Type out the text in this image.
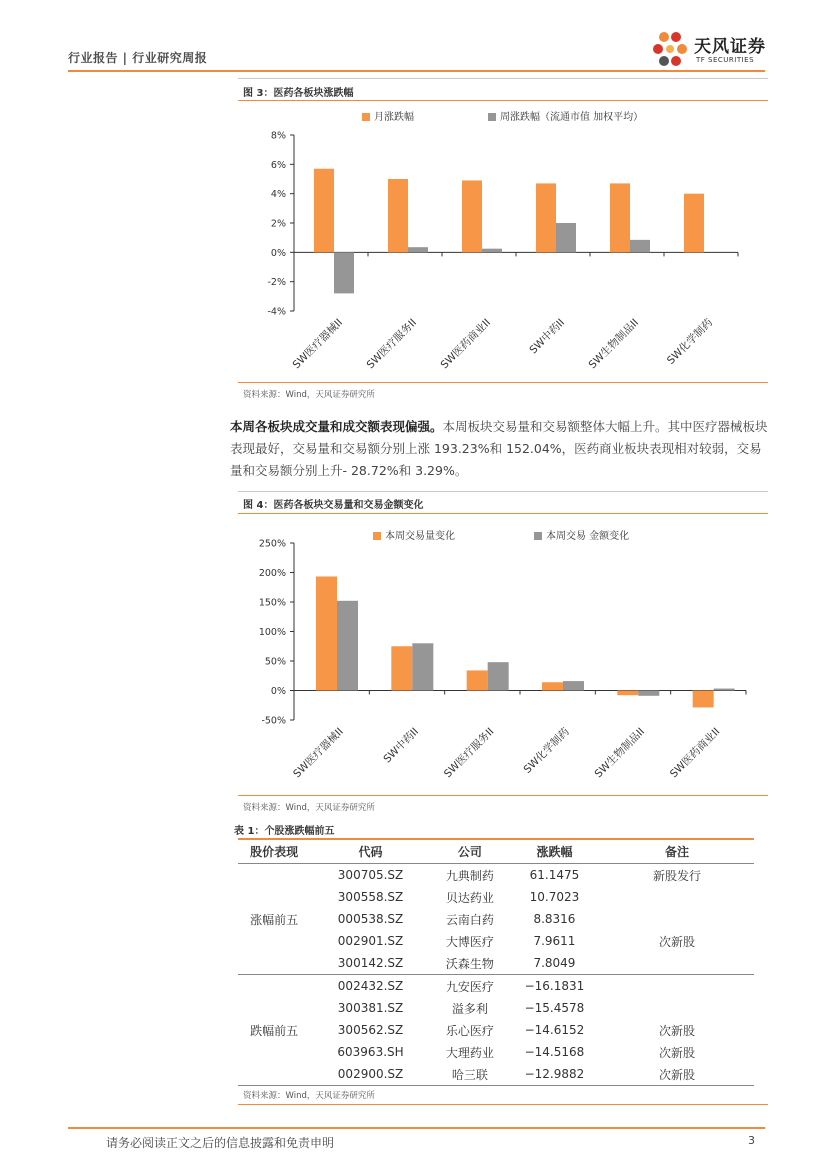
行业报告 | 行业研究周报
天风证券
TF SECURITIES
图 3：医药各板块涨跌幅
月涨跌幅	周涨跌幅（流通市值 加权平均）
8%
6%
4%
2%
0%
-2%
-4%
SW医疗器械II SW医疗服务II SW医药商业II	SW中药II SW生物制品II SW化学制药
资料来源：Wind，天风证券研究所
本周各板块成交量和成交额表现偏强。本周板块交易量和交易额整体大幅上升。其中医疗器械板块表现最好，交易量和交易额分别上涨 193.23%和 152.04%，医药商业板块表现相对较弱，交易量和交易额分别上升- 28.72%和 3.29%。
图 4：医药各板块交易量和交易金额变化
本周交易量变化	本周交易 金额变化
250%
200%
150%
100%
50%
0%
-50%
SW医疗器械II	SW中药II SW医疗服务II SW化学制药 SW生物制品II SW医药商业II
资料来源：Wind，天风证券研究所
表 1：个股涨跌幅前五
股价表现	代码	公司	涨跌幅	备注
涨幅前五	300705.SZ	九典制药	61.1475	新股发行
	300558.SZ	贝达药业	10.7023	
	000538.SZ	云南白药	8.8316	
	002901.SZ	大博医疗	7.9611	次新股
	300142.SZ	沃森生物	7.8049	
跌幅前五	002432.SZ	九安医疗	−16.1831	
	300381.SZ	溢多利	−15.4578	
	300562.SZ	乐心医疗	−14.6152	次新股
	603963.SH	大理药业	−14.5168	次新股
	002900.SZ	哈三联	−12.9882	次新股
资料来源：Wind，天风证券研究所
请务必阅读正文之后的信息披露和免责申明	3
